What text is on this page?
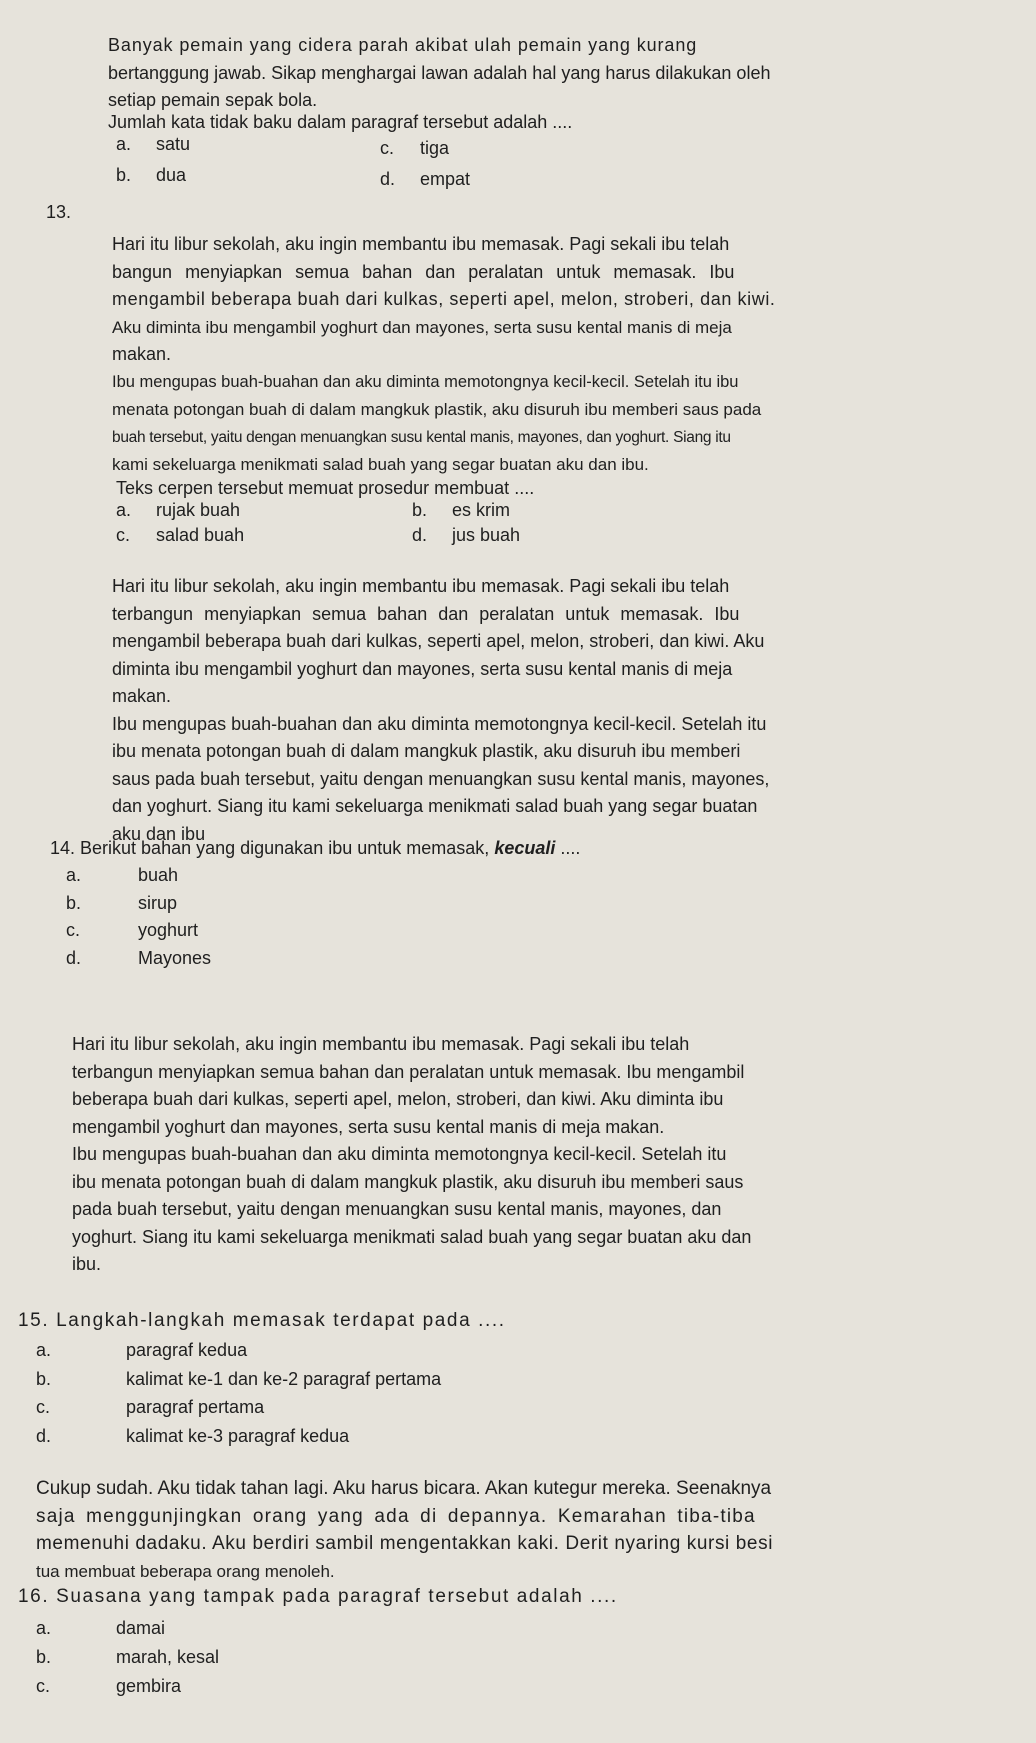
Banyak pemain yang cidera parah akibat ulah pemain yang kurang
bertanggung jawab. Sikap menghargai lawan adalah hal yang harus dilakukan oleh
setiap pemain sepak bola.
Jumlah kata tidak baku dalam paragraf tersebut adalah ....
a. satu	c. tiga
b. dua	d. empat
13.
Hari itu libur sekolah, aku ingin membantu ibu memasak. Pagi sekali ibu telah
bangun menyiapkan semua bahan dan peralatan untuk memasak. Ibu
mengambil beberapa buah dari kulkas, seperti apel, melon, stroberi, dan kiwi.
Aku diminta ibu mengambil yoghurt dan mayones, serta susu kental manis di meja
makan.
Ibu mengupas buah-buahan dan aku diminta memotongnya kecil-kecil. Setelah itu ibu
menata potongan buah di dalam mangkuk plastik, aku disuruh ibu memberi saus pada
buah tersebut, yaitu dengan menuangkan susu kental manis, mayones, dan yoghurt. Siang itu
kami sekeluarga menikmati salad buah yang segar buatan aku dan ibu.
Teks cerpen tersebut memuat prosedur membuat ....
a. rujak buah	b. es krim
c. salad buah	d. jus buah
Hari itu libur sekolah, aku ingin membantu ibu memasak. Pagi sekali ibu telah
terbangun menyiapkan semua bahan dan peralatan untuk memasak. Ibu
mengambil beberapa buah dari kulkas, seperti apel, melon, stroberi, dan kiwi. Aku
diminta ibu mengambil yoghurt dan mayones, serta susu kental manis di meja
makan.
Ibu mengupas buah-buahan dan aku diminta memotongnya kecil-kecil. Setelah itu
ibu menata potongan buah di dalam mangkuk plastik, aku disuruh ibu memberi
saus pada buah tersebut, yaitu dengan menuangkan susu kental manis, mayones,
dan yoghurt. Siang itu kami sekeluarga menikmati salad buah yang segar buatan
aku dan ibu
14. Berikut bahan yang digunakan ibu untuk memasak, kecuali ....
a.	buah
b.	sirup
c.	yoghurt
d.	Mayones
Hari itu libur sekolah, aku ingin membantu ibu memasak. Pagi sekali ibu telah
terbangun menyiapkan semua bahan dan peralatan untuk memasak. Ibu mengambil
beberapa buah dari kulkas, seperti apel, melon, stroberi, dan kiwi. Aku diminta ibu
mengambil yoghurt dan mayones, serta susu kental manis di meja makan.
Ibu mengupas buah-buahan dan aku diminta memotongnya kecil-kecil. Setelah itu
ibu menata potongan buah di dalam mangkuk plastik, aku disuruh ibu memberi saus
pada buah tersebut, yaitu dengan menuangkan susu kental manis, mayones, dan
yoghurt. Siang itu kami sekeluarga menikmati salad buah yang segar buatan aku dan
ibu.
15. Langkah-langkah memasak terdapat pada ....
a.	paragraf kedua
b.	kalimat ke-1 dan ke-2 paragraf pertama
c.	paragraf pertama
d.	kalimat ke-3 paragraf kedua
Cukup sudah. Aku tidak tahan lagi. Aku harus bicara. Akan kutegur mereka. Seenaknya
saja menggunjingkan orang yang ada di depannya. Kemarahan tiba-tiba
memenuhi dadaku. Aku berdiri sambil mengentakkan kaki. Derit nyaring kursi besi
tua membuat beberapa orang menoleh.
16. Suasana yang tampak pada paragraf tersebut adalah ....
a.	damai
b.	marah, kesal
c.	gembira
